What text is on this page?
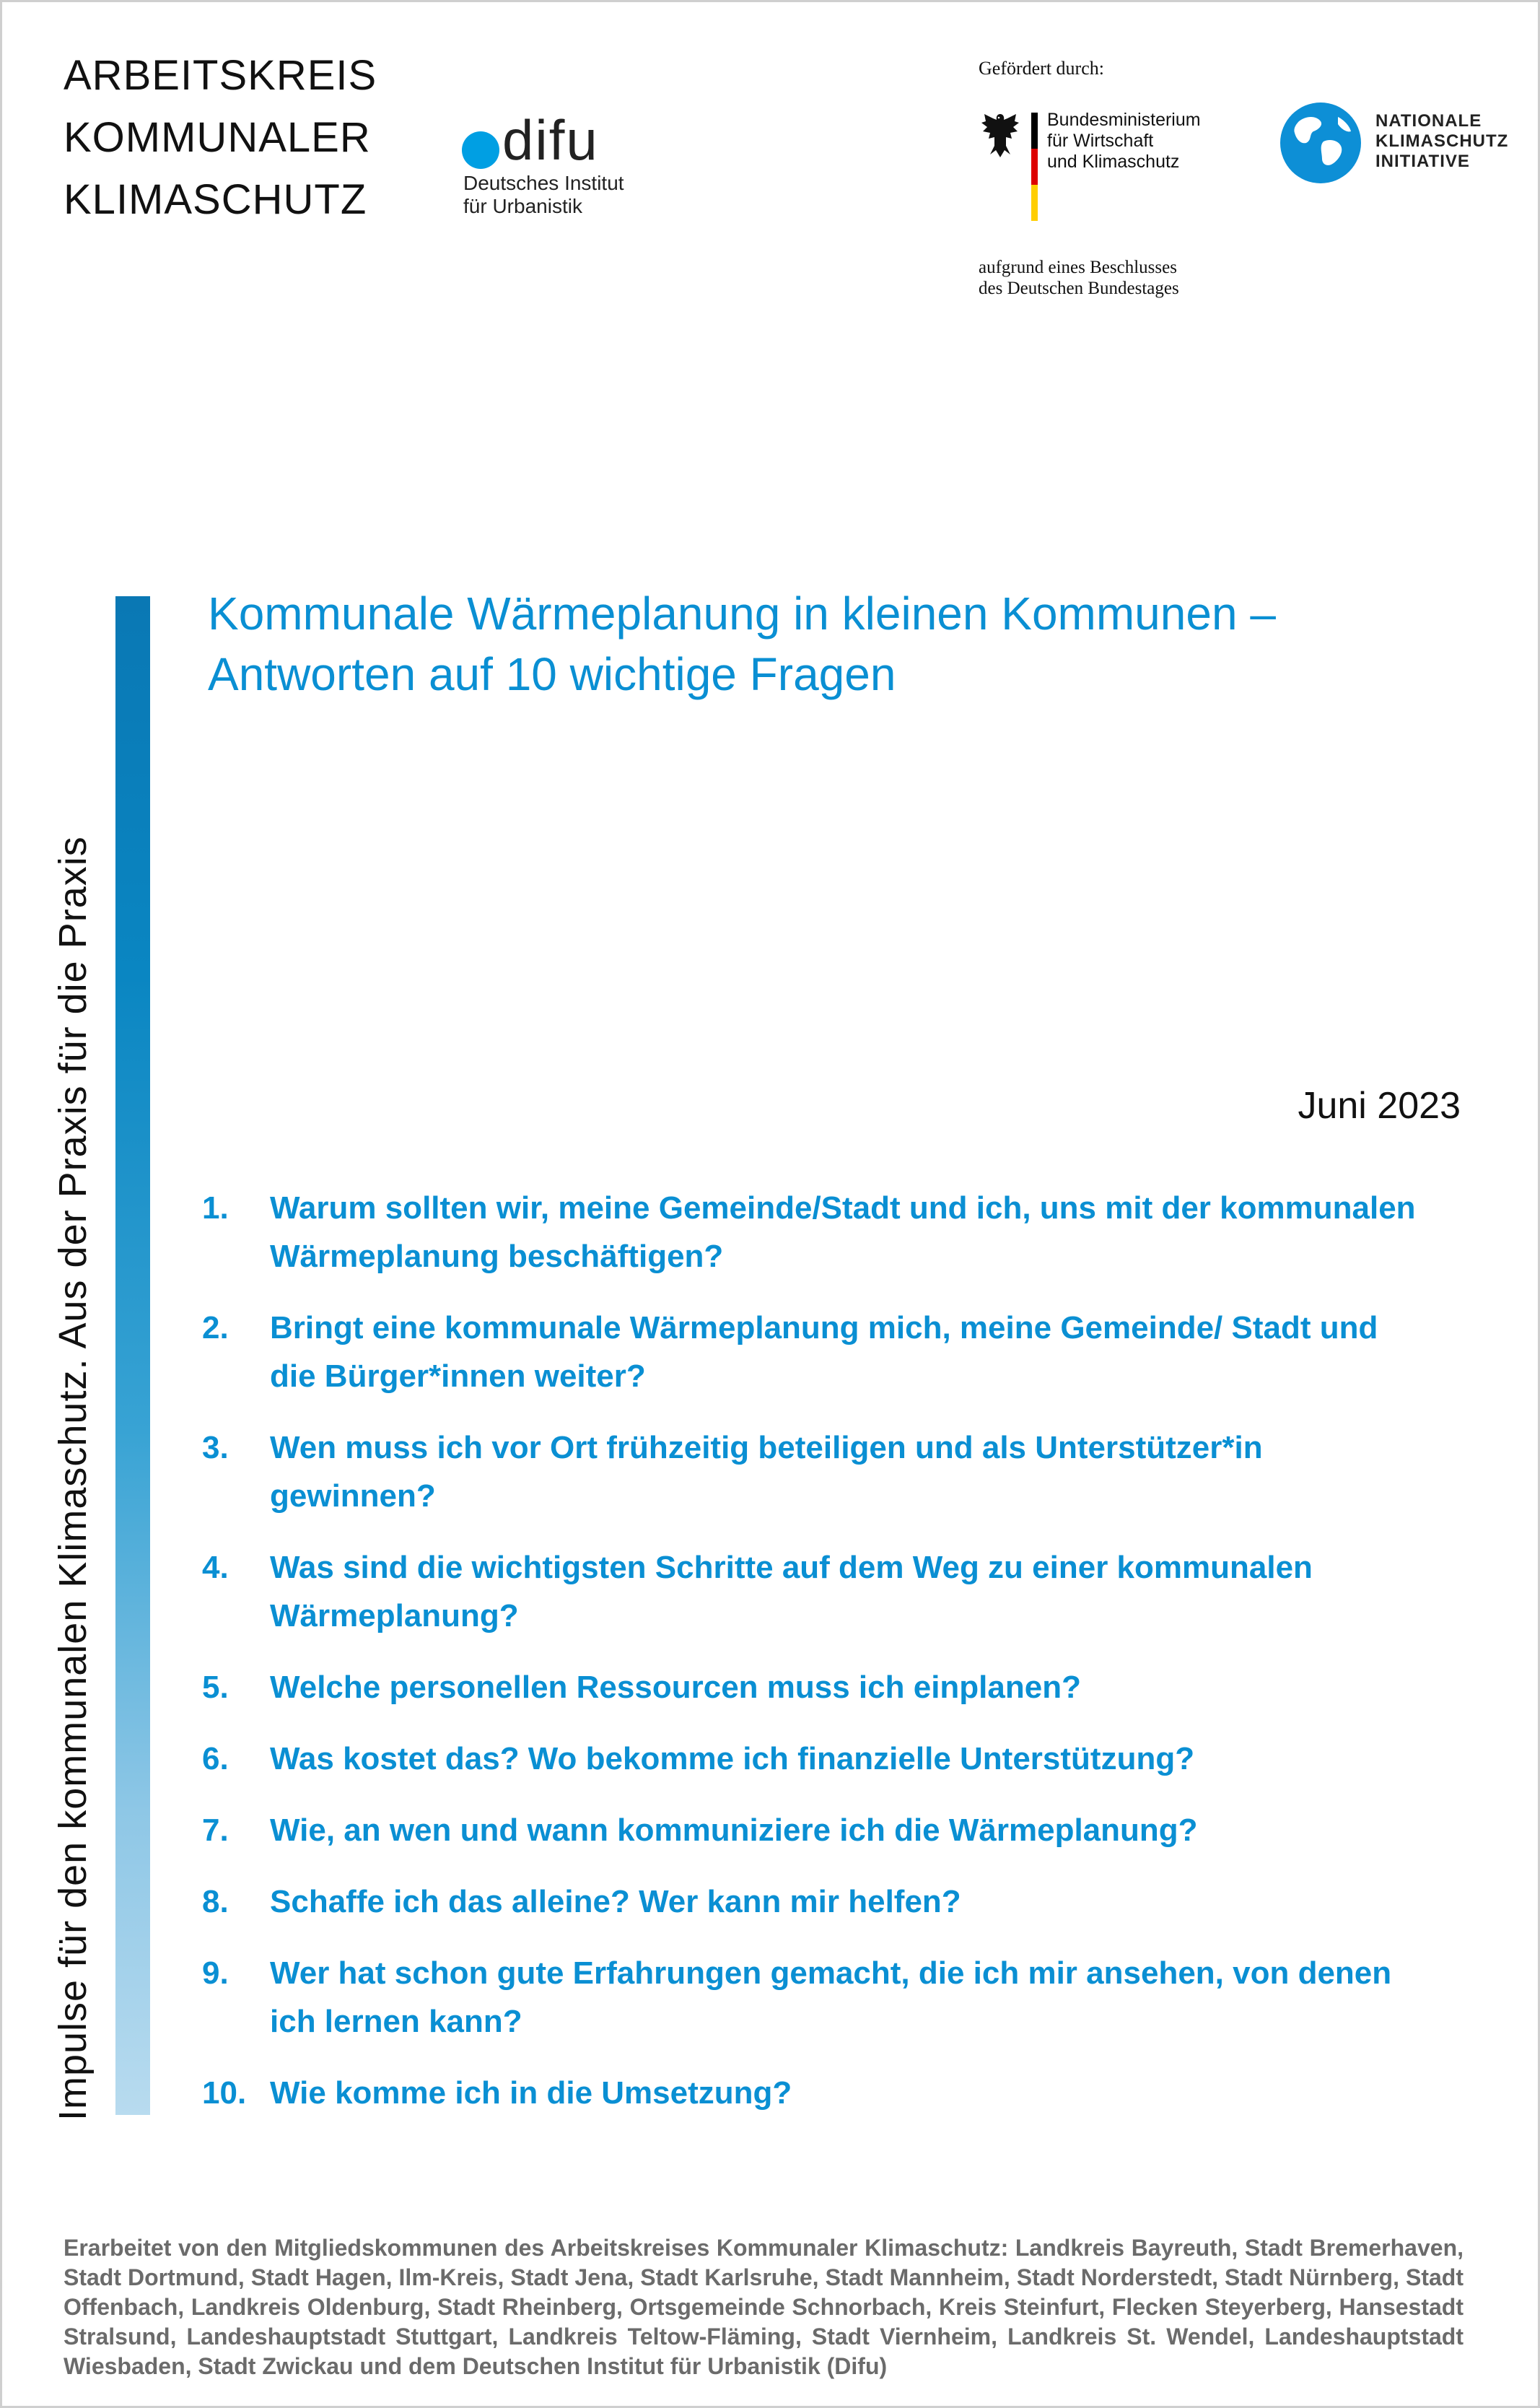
ARBEITSKREIS
KOMMUNALER
KLIMASCHUTZ
difu
Deutsches Institut
für Urbanistik
Gefördert durch:
Bundesministerium
für Wirtschaft
und Klimaschutz
NATIONALE
KLIMASCHUTZ
INITIATIVE
aufgrund eines Beschlusses
des Deutschen Bundestages
Impulse für den kommunalen Klimaschutz. Aus der Praxis für die Praxis
Kommunale Wärmeplanung in kleinen Kommunen –
Antworten auf 10 wichtige Fragen
Juni 2023
1. Warum sollten wir, meine Gemeinde/Stadt und ich, uns mit der kommunalen Wärmeplanung beschäftigen?
2. Bringt eine kommunale Wärmeplanung mich, meine Gemeinde/ Stadt und die Bürger*innen weiter?
3. Wen muss ich vor Ort frühzeitig beteiligen und als Unterstützer*in gewinnen?
4. Was sind die wichtigsten Schritte auf dem Weg zu einer kommunalen Wärmeplanung?
5. Welche personellen Ressourcen muss ich einplanen?
6. Was kostet das? Wo bekomme ich finanzielle Unterstützung?
7. Wie, an wen und wann kommuniziere ich die Wärmeplanung?
8. Schaffe ich das alleine? Wer kann mir helfen?
9. Wer hat schon gute Erfahrungen gemacht, die ich mir ansehen, von denen ich lernen kann?
10. Wie komme ich in die Umsetzung?
Erarbeitet von den Mitgliedskommunen des Arbeitskreises Kommunaler Klimaschutz: Landkreis Bayreuth, Stadt Bremerhaven, Stadt Dortmund, Stadt Hagen, Ilm-Kreis, Stadt Jena, Stadt Karlsruhe, Stadt Mannheim, Stadt Norderstedt, Stadt Nürnberg, Stadt Offenbach, Landkreis Oldenburg, Stadt Rheinberg, Ortsgemeinde Schnorbach, Kreis Steinfurt, Flecken Steyerberg, Hansestadt Stralsund, Landeshauptstadt Stuttgart, Landkreis Teltow-Fläming, Stadt Viernheim, Landkreis St. Wendel, Landeshauptstadt Wiesbaden, Stadt Zwickau und dem Deutschen Institut für Urbanistik (Difu)
